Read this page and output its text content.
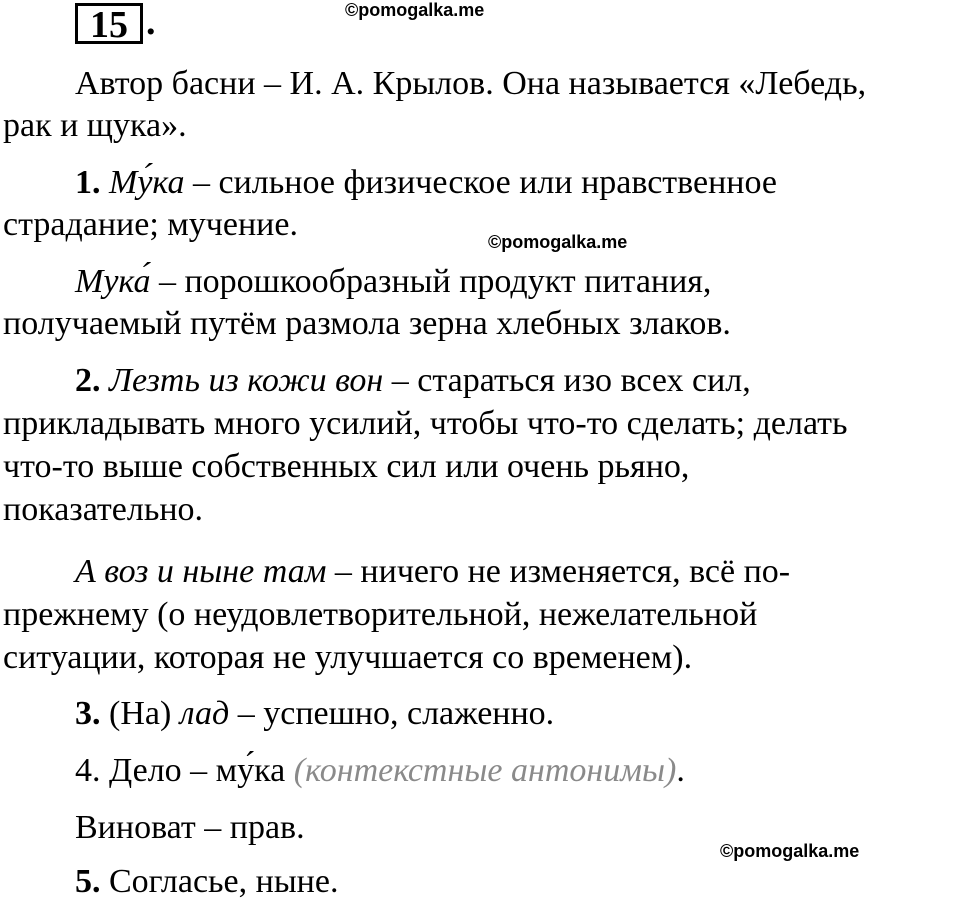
15 .	©pomogalka.me
©pomogalka.me
©pomogalka.me
Автор басни – И. А. Крылов. Она называется «Лебедь,
рак и щука».
1. Му́ка – сильное физическое или нравственное
страдание; мучение.
Мука́ – порошкообразный продукт питания,
получаемый путём размола зерна хлебных злаков.
2. Лезть из кожи вон – стараться изо всех сил,
прикладывать много усилий, чтобы что-то сделать; делать
что-то выше собственных сил или очень рьяно,
показательно.
А воз и ныне там – ничего не изменяется, всё по-
прежнему (о неудовлетворительной, нежелательной
ситуации, которая не улучшается со временем).
3. (На) лад – успешно, слаженно.
4. Дело – му́ка (контекстные антонимы).
Виноват – прав.
5. Согласье, ныне.
